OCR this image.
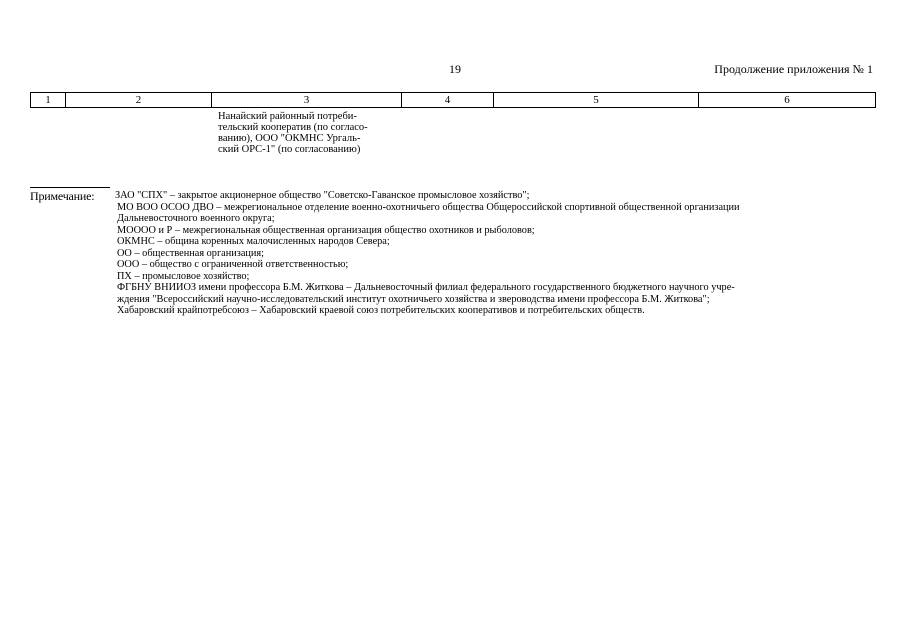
19	Продолжение приложения № 1
1	2	3	4	5	6
Нанайский районный потреби-
тельский кооператив (по согласо-
ванию), ООО "ОКМНС Ургаль-
ский ОРС-1" (по согласованию)
Примечание: ЗАО "СПХ" – закрытое акционерное общество "Советско-Гаванское промысловое хозяйство";
МО ВОО ОСОО ДВО – межрегиональное отделение военно-охотничьего общества Общероссийской спортивной общественной организации
Дальневосточного военного округа;
МООOO и Р – межрегиональная общественная организация общество охотников и рыболовов;
ОКМНС – община коренных малочисленных народов Севера;
ОО – общественная организация;
ООО – общество с ограниченной ответственностью;
ПХ – промысловое хозяйство;
ФГБНУ ВНИИОЗ имени профессора Б.М. Житкова – Дальневосточный филиал федерального государственного бюджетного научного учре-
ждения "Всероссийский научно-исследовательский институт охотничьего хозяйства и звероводства имени профессора Б.М. Житкова";
Хабаровский крайпотребсоюз – Хабаровский краевой союз потребительских кооперативов и потребительских обществ.
